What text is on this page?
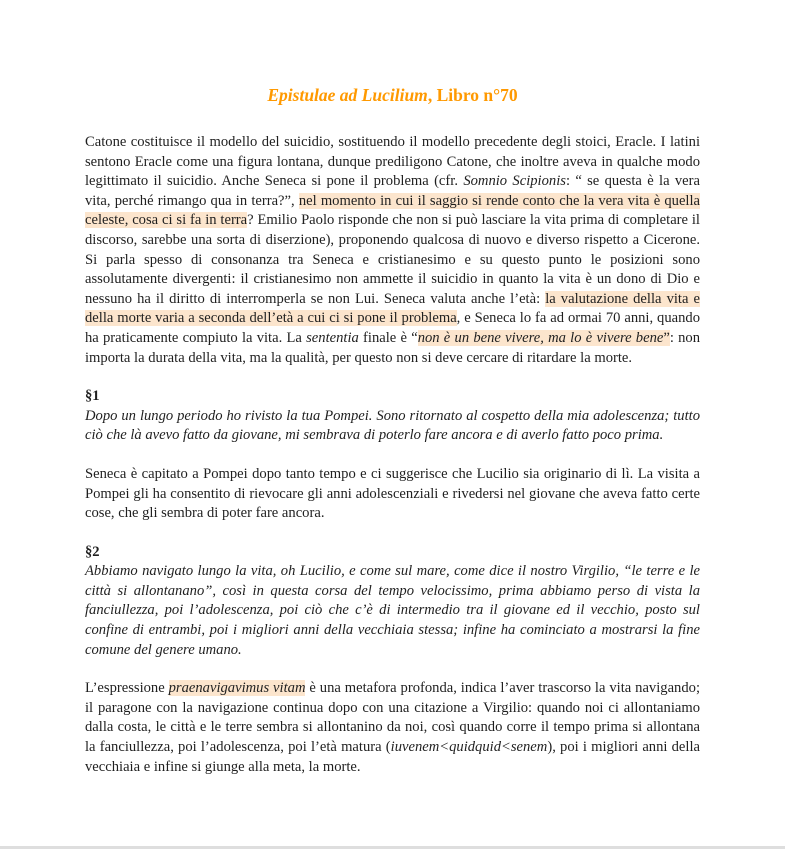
Epistulae ad Lucilium, Libro n°70

Catone costituisce il modello del suicidio, sostituendo il modello precedente degli stoici, Eracle. I latini sentono Eracle come una figura lontana, dunque prediligono Catone, che inoltre aveva in qualche modo legittimato il suicidio. Anche Seneca si pone il problema (cfr. Somnio Scipionis: “ se questa è la vera vita, perché rimango qua in terra?”, nel momento in cui il saggio si rende conto che la vera vita è quella celeste, cosa ci si fa in terra? Emilio Paolo risponde che non si può lasciare la vita prima di completare il discorso, sarebbe una sorta di diserzione), proponendo qualcosa di nuovo e diverso rispetto a Cicerone. Si parla spesso di consonanza tra Seneca e cristianesimo e su questo punto le posizioni sono assolutamente divergenti: il cristianesimo non ammette il suicidio in quanto la vita è un dono di Dio e nessuno ha il diritto di interromperla se non Lui. Seneca valuta anche l’età: la valutazione della vita e della morte varia a seconda dell’età a cui ci si pone il problema, e Seneca lo fa ad ormai 70 anni, quando ha praticamente compiuto la vita. La sententia finale è “non è un bene vivere, ma lo è vivere bene”: non importa la durata della vita, ma la qualità, per questo non si deve cercare di ritardare la morte.

§1

Dopo un lungo periodo ho rivisto la tua Pompei. Sono ritornato al cospetto della mia adolescenza; tutto ciò che là avevo fatto da giovane, mi sembrava di poterlo fare ancora e di averlo fatto poco prima.

Seneca è capitato a Pompei dopo tanto tempo e ci suggerisce che Lucilio sia originario di lì. La visita a Pompei gli ha consentito di rievocare gli anni adolescenziali e rivedersi nel giovane che aveva fatto certe cose, che gli sembra di poter fare ancora.

§2

Abbiamo navigato lungo la vita, oh Lucilio, e come sul mare, come dice il nostro Virgilio, “le terre e le città si allontanano”, così in questa corsa del tempo velocissimo, prima abbiamo perso di vista la fanciullezza, poi l’adolescenza, poi ciò che c’è di intermedio tra il giovane ed il vecchio, posto sul confine di entrambi, poi i migliori anni della vecchiaia stessa; infine ha cominciato a mostrarsi la fine comune del genere umano.

L’espressione praenavigavimus vitam è una metafora profonda, indica l’aver trascorso la vita navigando; il paragone con la navigazione continua dopo con una citazione a Virgilio: quando noi ci allontaniamo dalla costa, le città e le terre sembra si allontanino da noi, così quando corre il tempo prima si allontana la fanciullezza, poi l’adolescenza, poi l’età matura (iuvenem<quidquid<senem), poi i migliori anni della vecchiaia e infine si giunge alla meta, la morte.
